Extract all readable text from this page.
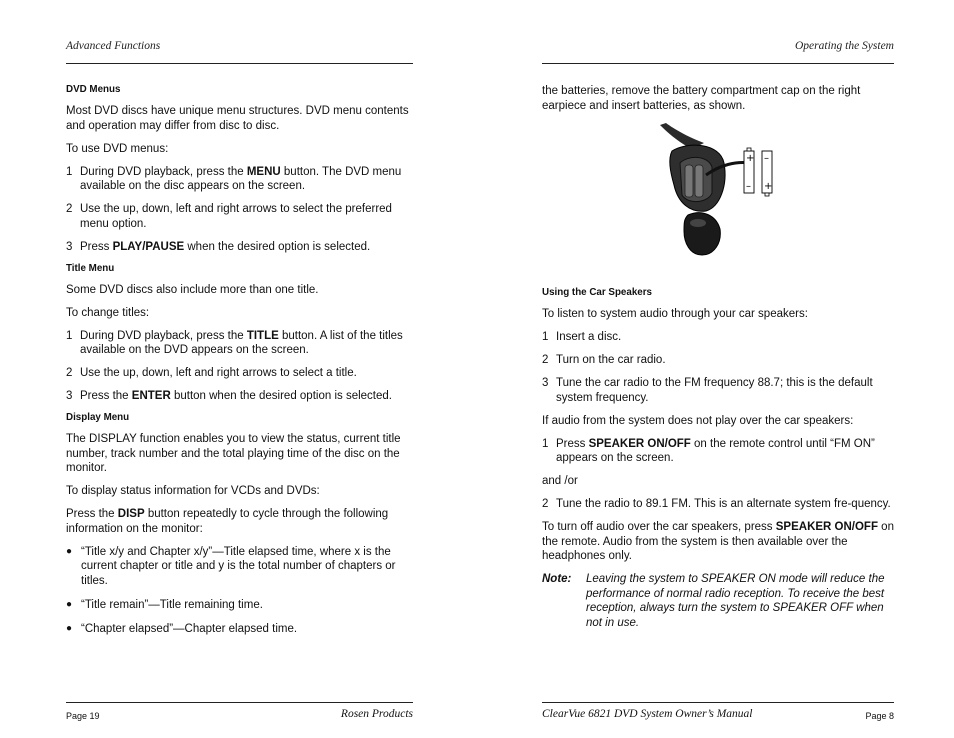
Advanced Functions
DVD Menus

Most DVD discs have unique menu structures. DVD menu contents and operation may differ from disc to disc.

To use DVD menus:

1 During DVD playback, press the MENU button. The DVD menu available on the disc appears on the screen.
2 Use the up, down, left and right arrows to select the preferred menu option.
3 Press PLAY/PAUSE when the desired option is selected.
Title Menu

Some DVD discs also include more than one title.

To change titles:

1 During DVD playback, press the TITLE button. A list of the titles available on the DVD appears on the screen.
2 Use the up, down, left and right arrows to select a title.
3 Press the ENTER button when the desired option is selected.
Display Menu

The DISPLAY function enables you to view the status, current title number, track number and the total playing time of the disc on the monitor.

To display status information for VCDs and DVDs:

Press the DISP button repeatedly to cycle through the following information on the monitor:

● “Title x/y and Chapter x/y”—Title elapsed time, where x is the current chapter or title and y is the total number of chapters or titles.
● “Title remain”—Title remaining time.
● “Chapter elapsed”—Chapter elapsed time.
Page 19	Rosen Products
Operating the System

the batteries, remove the battery compartment cap on the right earpiece and insert batteries, as shown.

+
–
–
+
Using the Car Speakers

To listen to system audio through your car speakers:

1 Insert a disc.
2 Turn on the car radio.
3 Tune the car radio to the FM frequency 88.7; this is the default system frequency.

If audio from the system does not play over the car speakers:

1 Press SPEAKER ON/OFF on the remote control until “FM ON” appears on the screen.

and /or

2 Tune the radio to 89.1 FM. This is an alternate system fre-quency.

To turn off audio over the car speakers, press SPEAKER ON/OFF on the remote. Audio from the system is then available over the headphones only.

Note:	Leaving the system to SPEAKER ON mode will reduce the performance of normal radio reception. To receive the best reception, always turn the system to SPEAKER OFF when not in use.
ClearVue 6821 DVD System Owner’s Manual	Page 8
